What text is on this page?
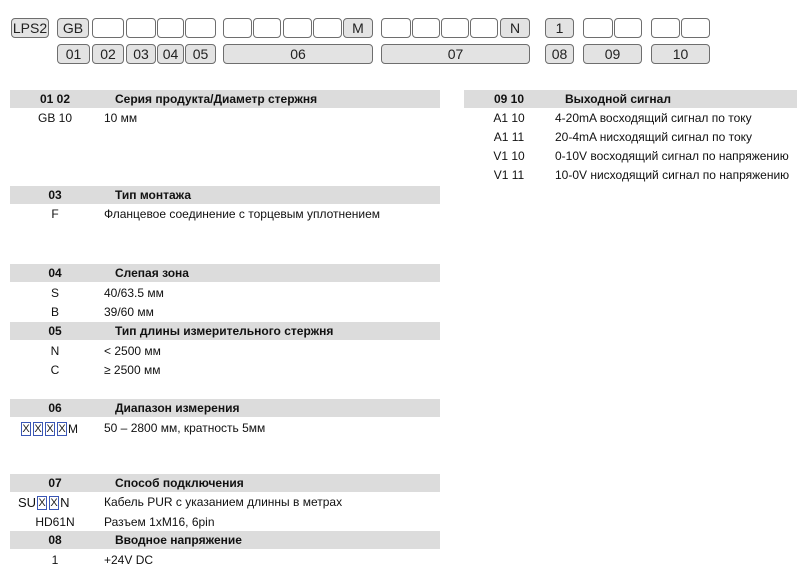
LPS2	GB	M	N	1
01	02	03 04	05	06	07	08	09	10
01 02	Серия продукта/Диаметр стержня
GB 10	10 мм
03	Тип монтажа
F	Фланцевое соединение с торцевым уплотнением
04	Слепая зона
S	40/63.5 мм
B	39/60 мм
05	Тип длины измерительного стержня
N	< 2500 мм
C	≥ 2500 мм
06	Диапазон измерения
X X X X M	50 – 2800 мм, кратность 5мм
07	Способ подключения
SU X X N	Кабель PUR с указанием длинны в метрах
HD61N	Разъем 1xM16, 6pin
08	Вводное напряжение
1	+24V DC
09 10	Выходной сигнал
A1 10	4-20mA восходящий сигнал по току
A1 11	20-4mA нисходящий сигнал по току
V1 10	0-10V восходящий сигнал по напряжению
V1 11	10-0V нисходящий сигнал по напряжению
